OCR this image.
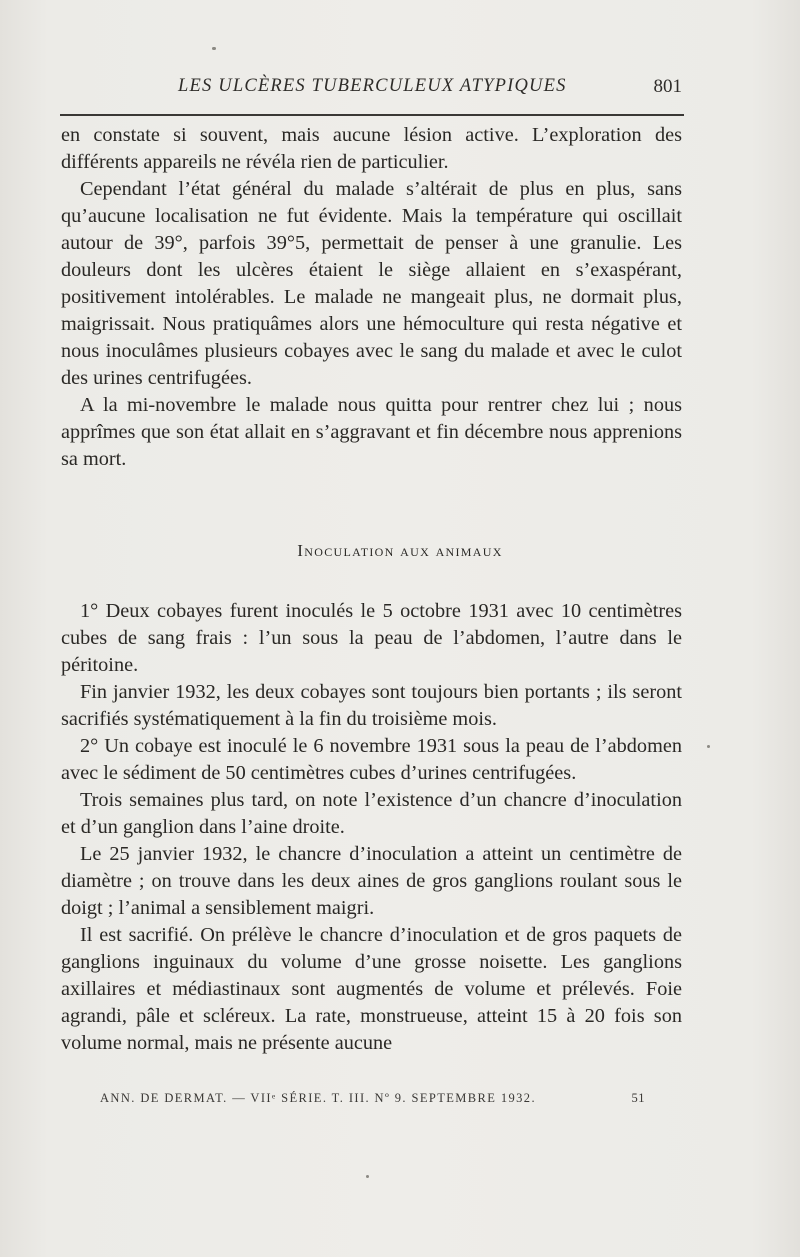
LES ULCÈRES TUBERCULEUX ATYPIQUES	801

en constate si souvent, mais aucune lésion active. L’exploration des différents appareils ne révéla rien de particulier.

Cependant l’état général du malade s’altérait de plus en plus, sans qu’aucune localisation ne fut évidente. Mais la température qui oscillait autour de 39°, parfois 39°5, permettait de penser à une granulie. Les douleurs dont les ulcères étaient le siège allaient en s’exaspérant, positivement intolérables. Le malade ne mangeait plus, ne dormait plus, maigrissait. Nous pratiquâmes alors une hémoculture qui resta négative et nous inoculâmes plusieurs cobayes avec le sang du malade et avec le culot des urines centrifugées.

A la mi-novembre le malade nous quitta pour rentrer chez lui ; nous apprîmes que son état allait en s’aggravant et fin décembre nous apprenions sa mort.

Inoculation aux animaux

1° Deux cobayes furent inoculés le 5 octobre 1931 avec 10 centimètres cubes de sang frais : l’un sous la peau de l’abdomen, l’autre dans le péritoine.

Fin janvier 1932, les deux cobayes sont toujours bien portants ; ils seront sacrifiés systématiquement à la fin du troisième mois.

2° Un cobaye est inoculé le 6 novembre 1931 sous la peau de l’abdomen avec le sédiment de 50 centimètres cubes d’urines centrifugées.

Trois semaines plus tard, on note l’existence d’un chancre d’inoculation et d’un ganglion dans l’aine droite.

Le 25 janvier 1932, le chancre d’inoculation a atteint un centimètre de diamètre ; on trouve dans les deux aines de gros ganglions roulant sous le doigt ; l’animal a sensiblement maigri.

Il est sacrifié. On prélève le chancre d’inoculation et de gros paquets de ganglions inguinaux du volume d’une grosse noisette. Les ganglions axillaires et médiastinaux sont augmentés de volume et prélevés. Foie agrandi, pâle et scléreux. La rate, monstrueuse, atteint 15 à 20 fois son volume normal, mais ne présente aucune

ANN. DE DERMAT. — VIIᵉ SÉRIE. T. III. Nº 9. SEPTEMBRE 1932.	51
